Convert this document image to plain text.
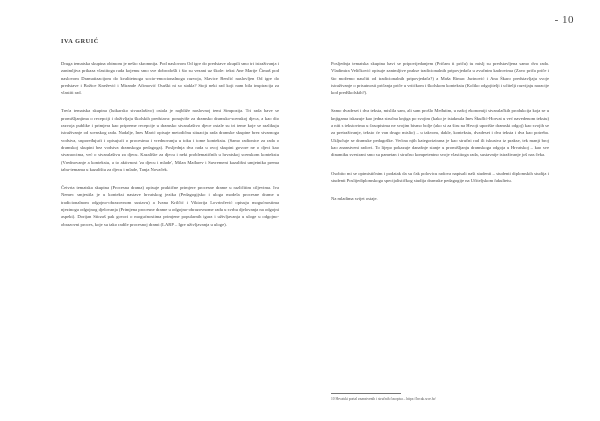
- 10
IVA GRUIĆ

Druga tematska skupina obimom je nešto skromnija. Pod naslovom Od igre do predstave okupili smo tri istraživanja i zanimljiva prikaza vlastitoga rada kojemu smo sve dobrodošli i što su vezani uz škole: tekst Ane Marije Čimaš pod naslovom Dramatizacijom do kvalitetnoga socio-emocionalnoga razvoja, Slavice Benčić naslovljen Od igre do predstave i Božice Knežević i Mirande Ačimović Osuški ni so stakla? Stoji neki rad koji nam bila inspiracija za vlastiti rad.

Treća tematska skupina (lutkarsko stvaralaštvo) ostala je najbliže naslovnoj temi Simpozija. Tri rada bave se promišljanjima o recepciji i doživljaju školskih predstava: ponajviše za dramsko dramsko-scenskoj djeca, a kao dio razvoja publike i primjera kao pripreme recepcije u dramsko stvaralaštvo djece ostale su tri teme koje se razlikuju istraživanje od scenskog rada. Nadalje, Ines Marić opisuje metodičnu situaciju rada dramske skupine brez stvarnoga vodstva, uspoređujući i opisujući o procesima i vrednovanju u toku i tome kontekstu. (Samo radionice za rada o dramskoj skupini bez vodstva dramskoga pedagoga). Posljednja dva rada u ovoj skupini govore ne o djeci kao stvaraocima, već o stvaralaštvu za djecu. Kazalište za djecu i neki problematičnih u hrvatskoj scenskom kontekstu (Vrednovanje a kontekstu, a to aktivnost 'za djecu i mlade', Milan Mađarev i Suvremeni kazališni umjetnika prema tabu-temama u kazalištu za djecu i mlade, Tanja Novaček.

Četvrta tematska skupina (Procesna drama) opisuje praktične primjere procesne drame u različitim ciljevima. Iva Nemec smjestila je u kontekst nastave hrvatskog jezika (Pedagogijsko i uloga modela procesne drame u tradicionalnom odgojno-obrazovnom sustavu) a Ivana Krilčić i Viktorija Lovrinčević opisuju mogućnostima njezinoga odgojnog djelovanja (Primjena procesne drame u odgojno-obrazovnome radu u svrhu djelovanja na odgojni aspekt). Dorijan Stirzaš pak govori o mogućnostima primjene popularnih igara i uživljavanja u uloge u odgojno-obrazovni proces, koje su tako radile procesnoj drami (LARP – Igre uživljavanja u uloge).

Posljednja tematska skupina bavi se pripovijedanjem (Pričam ti priču) tu mislj su predstavljena samo dva rada. Vladimira Veličković opisuje zanimljive prakse tradicionalnih pripovjedača u zvučnim kadrovima (Zavo priča priče i što možemo naučiti od tradicionalnih pripovjedača?) a Maša Rimac Jurinović i Ana Škaro predstavljaju svoje istraživanje o prisutnosti pričanja priče u vrtićkom i školskom kontekstu (Koliko odgojitelji i učitelji razvijaju naracije kod predškolskih?).

Samo dvadeset i dva teksta, mislila sam, ali sam prošlo Međutim, u našoj ekonomiji stvaralačkih produkcija koja se u knjigama iskazuje kao jedna stručna knjiga po svojim (kako je istaknula Ines Škuflić-Horvat u već navedenom tekstu) a niti s tekstovima u časopisima ne svojim bismo bolje (ako si za širu na Hrvoji uporište dramski odgoj) kao svojih se za pretraživanje, teksto će van drugo mislio) – u takvom, dakle, kontekstu, dvadeset i dva teksta i dva kao potreba. Uključuje se dramske pedagoške. Većina njih kategorizirana je kao stručni rad ili iskustva iz prakse, tek manji broj kao znanstveni radovi. To lijepo pokazuje današnje stanje u promišljanju dramskoga odgoja u Hrvatskoj – kao sve dinamiku svestrani smo su pametan i stručno kompetentno svoje vlastitoga rada, sustavnije istraživanje još nas čeka.

Osobito mi se opimističnim i podatak da su čak polovicu radova napisali naši studenti – studenti diplomskih studija i studenti Poslijediplomskoga specijalističkog studija dramske pedagogije na Učiteljskom fakultetu.

Na mladima svijet ostaje.

10 Hrvatski portal znanstvenih i stručnih časopisa – https://hrcak.srce.hr/
